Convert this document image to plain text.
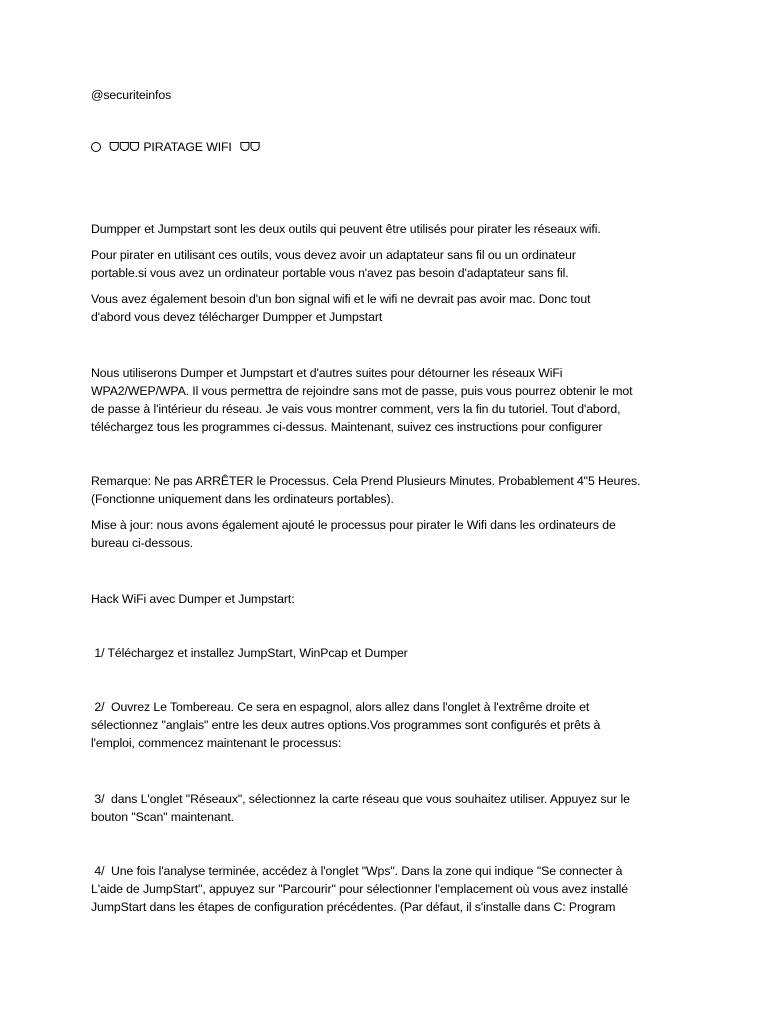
@securiteinfos

ᗜᗜᗜ PIRATAGE WIFI ᗜᗜ

Dumpper et Jumpstart sont les deux outils qui peuvent être utilisés pour pirater les réseaux wifi.

Pour pirater en utilisant ces outils, vous devez avoir un adaptateur sans fil ou un ordinateur
portable.si vous avez un ordinateur portable vous n'avez pas besoin d'adaptateur sans fil.

Vous avez également besoin d'un bon signal wifi et le wifi ne devrait pas avoir mac. Donc tout
d'abord vous devez télécharger Dumpper et Jumpstart

Nous utiliserons Dumper et Jumpstart et d'autres suites pour détourner les réseaux WiFi
WPA2/WEP/WPA. Il vous permettra de rejoindre sans mot de passe, puis vous pourrez obtenir le mot
de passe à l'intérieur du réseau. Je vais vous montrer comment, vers la fin du tutoriel. Tout d'abord,
téléchargez tous les programmes ci-dessus. Maintenant, suivez ces instructions pour configurer

Remarque: Ne pas ARRÊTER le Processus. Cela Prend Plusieurs Minutes. Probablement 4"5 Heures.
(Fonctionne uniquement dans les ordinateurs portables).

Mise à jour: nous avons également ajouté le processus pour pirater le Wifi dans les ordinateurs de
bureau ci-dessous.

Hack WiFi avec Dumper et Jumpstart:

1/ Téléchargez et installez JumpStart, WinPcap et Dumper

2/  Ouvrez Le Tombereau. Ce sera en espagnol, alors allez dans l'onglet à l'extrême droite et
sélectionnez "anglais" entre les deux autres options.Vos programmes sont configurés et prêts à
l'emploi, commencez maintenant le processus:

3/  dans L'onglet "Réseaux", sélectionnez la carte réseau que vous souhaitez utiliser. Appuyez sur le
bouton "Scan" maintenant.

4/  Une fois l'analyse terminée, accédez à l'onglet "Wps". Dans la zone qui indique "Se connecter à
L'aide de JumpStart", appuyez sur "Parcourir" pour sélectionner l'emplacement où vous avez installé
JumpStart dans les étapes de configuration précédentes. (Par défaut, il s'installe dans C: Program
